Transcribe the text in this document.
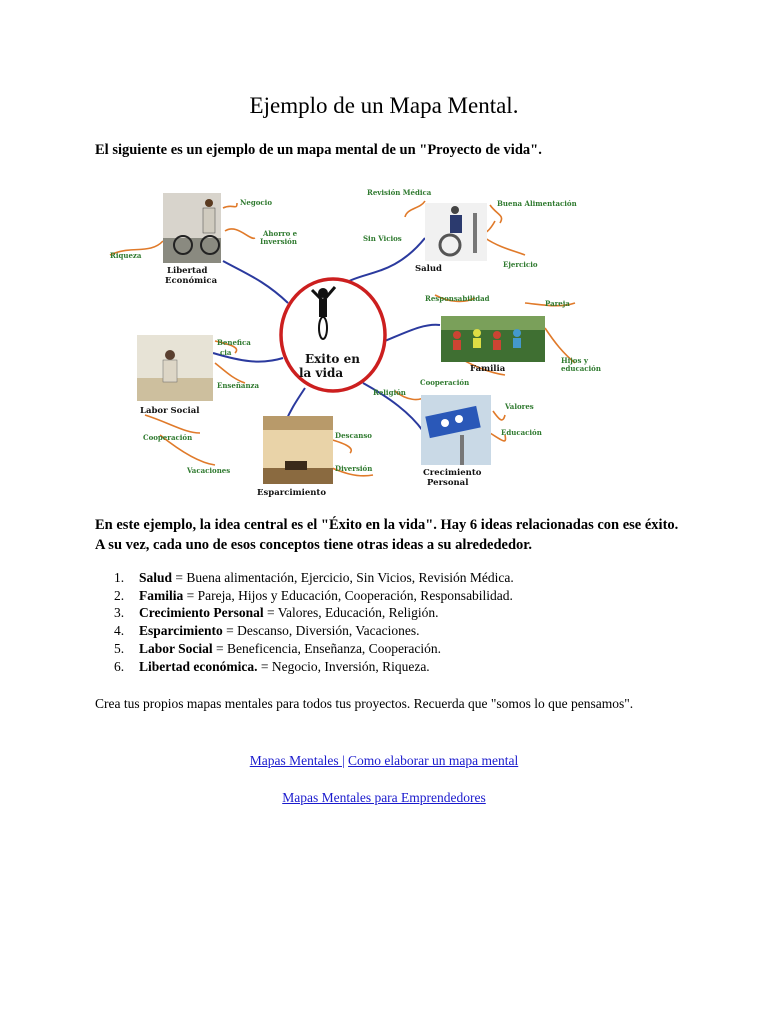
Ejemplo de un Mapa Mental.

El siguiente es un ejemplo de un mapa mental de un "Proyecto de vida".

Exito en
la vida
Libertad
Económica
Negocio
Ahorro e
Inversión
Riqueza
Salud
Revisión Médica
Buena Alimentación
Sin Vicios
Ejercicio
Familia
Responsabilidad
Pareja
Hijos y
educación
Cooperación
Labor Social
Benefica
cia
Enseñanza
Cooperación
Esparcimiento
Descanso
Diversión
Vacaciones	Crecimiento
Personal
Religión
Valores
Educación

En este ejemplo, la idea central es el "Éxito en la vida". Hay 6 ideas relacionadas con ese éxito. A su vez, cada uno de esos conceptos tiene otras ideas a su alredededor.

1. Salud = Buena alimentación, Ejercicio, Sin Vicios, Revisión Médica.
2. Familia = Pareja, Hijos y Educación, Cooperación, Responsabilidad.
3. Crecimiento Personal = Valores, Educación, Religión.
4. Esparcimiento = Descanso, Diversión, Vacaciones.
5. Labor Social = Beneficencia, Enseñanza, Cooperación.
6. Libertad económica. = Negocio, Inversión, Riqueza.

Crea tus propios mapas mentales para todos tus proyectos. Recuerda que "somos lo que pensamos".

Mapas Mentales | Como elaborar un mapa mental
Mapas Mentales para Emprendedores
